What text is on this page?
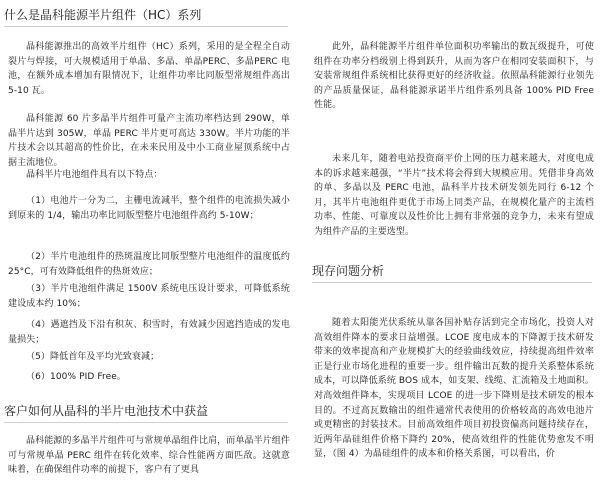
什么是晶科能源半片组件（HC）系列

晶科能源推出的高效半片组件（HC）系列，采用的是全程全自动裂片与焊接，可大规模适用于单晶、多晶、单晶PERC、多晶PERC 电池，在额外成本增加有限情况下，让组件功率比同版型常规组件高出 5-10 瓦。

晶科能源 60 片多晶半片组件可量产主流功率档达到 290W，单晶半片达到 305W，单晶 PERC 半片更可高达 330W。半片功能的半片技术会以其超高的性价比，在未来民用及中小工商业屋顶系统中占据主流地位。

晶科半片电池组件具有以下特点：

（1）电池片一分为二，主栅电流减半，整个组件的电流损失减小到原来的 1/4，输出功率比同版型整片电池组件高约 5-10W；

（2）半片电池组件的热斑温度比同版型整片电池组件的温度低约 25°C，可有效降低组件的热斑效应；

（3）半片电池组件满足 1500V 系统电压设计要求，可降低系统建设成本约 10%；

（4）遇遮挡及下沿有积灰、积雪时，有效减少因遮挡造成的发电量损失；

（5）降低首年及平均光致衰减；

（6）100% PID Free。

客户如何从晶科的半片电池技术中获益

晶科能源的多晶半片组件可与常规单晶组件比肩，而单晶半片组件可与常规单晶 PERC 组件在转化效率、综合性能两方面匹敌。这就意味着，在确保组件功率的前提下，客户有了更具

此外，晶科能源半片组件单位面积功率输出的数瓦级提升，可使组件在功率分档级别上得到跃升，从而为客户在相同安装面积下，与安装常规组件系统相比获得更好的经济收益。依照晶科能源行业领先的产品质量保证，晶科能源承诺半片组件系列具备 100% PID Free 性能。

未来几年，随着电站投资商平价上网的压力越来越大，对度电成本的诉求越来越强，“半片”技术将会得到大规模应用。凭借非身高效的单、多晶以及 PERC 电池，晶科半片技术研发领先同行 6-12 个月，其半片电池组件更优于市场上同类产品，在规模化量产的主流档功率、性能、可靠度以及性价比上拥有非常强的竞争力，未来有望成为组件产品的主要选型。

现存问题分析

随着太阳能光伏系统从靠各国补贴存活到完全市场化，投资人对高效组件降本的要求日益增强。LCOE 度电成本的下降源于技术研发带来的效率提高和产业规模扩大的经验曲线效应，持续提高组件效率正是行业市场化进程的重要一步。组件输出瓦数的提升关系整体系统成本，可以降低系统 BOS 成本，如支架、线缆、汇流箱及土地面积。对高效组件降本，实现项目 LCOE 的进一步下降则是技术研发的根本目的。不过高瓦数输出的组件通常代表使用的价格较高的高效电池片或更精密的封装技术。目前高效组件项目初投资偏高问题持续存在，近两年晶硅组件价格下降约 20%，使高效组件的性能优势愈发不明显，（图 4）为晶硅组件的成本和价格关系图，可以看出，价
